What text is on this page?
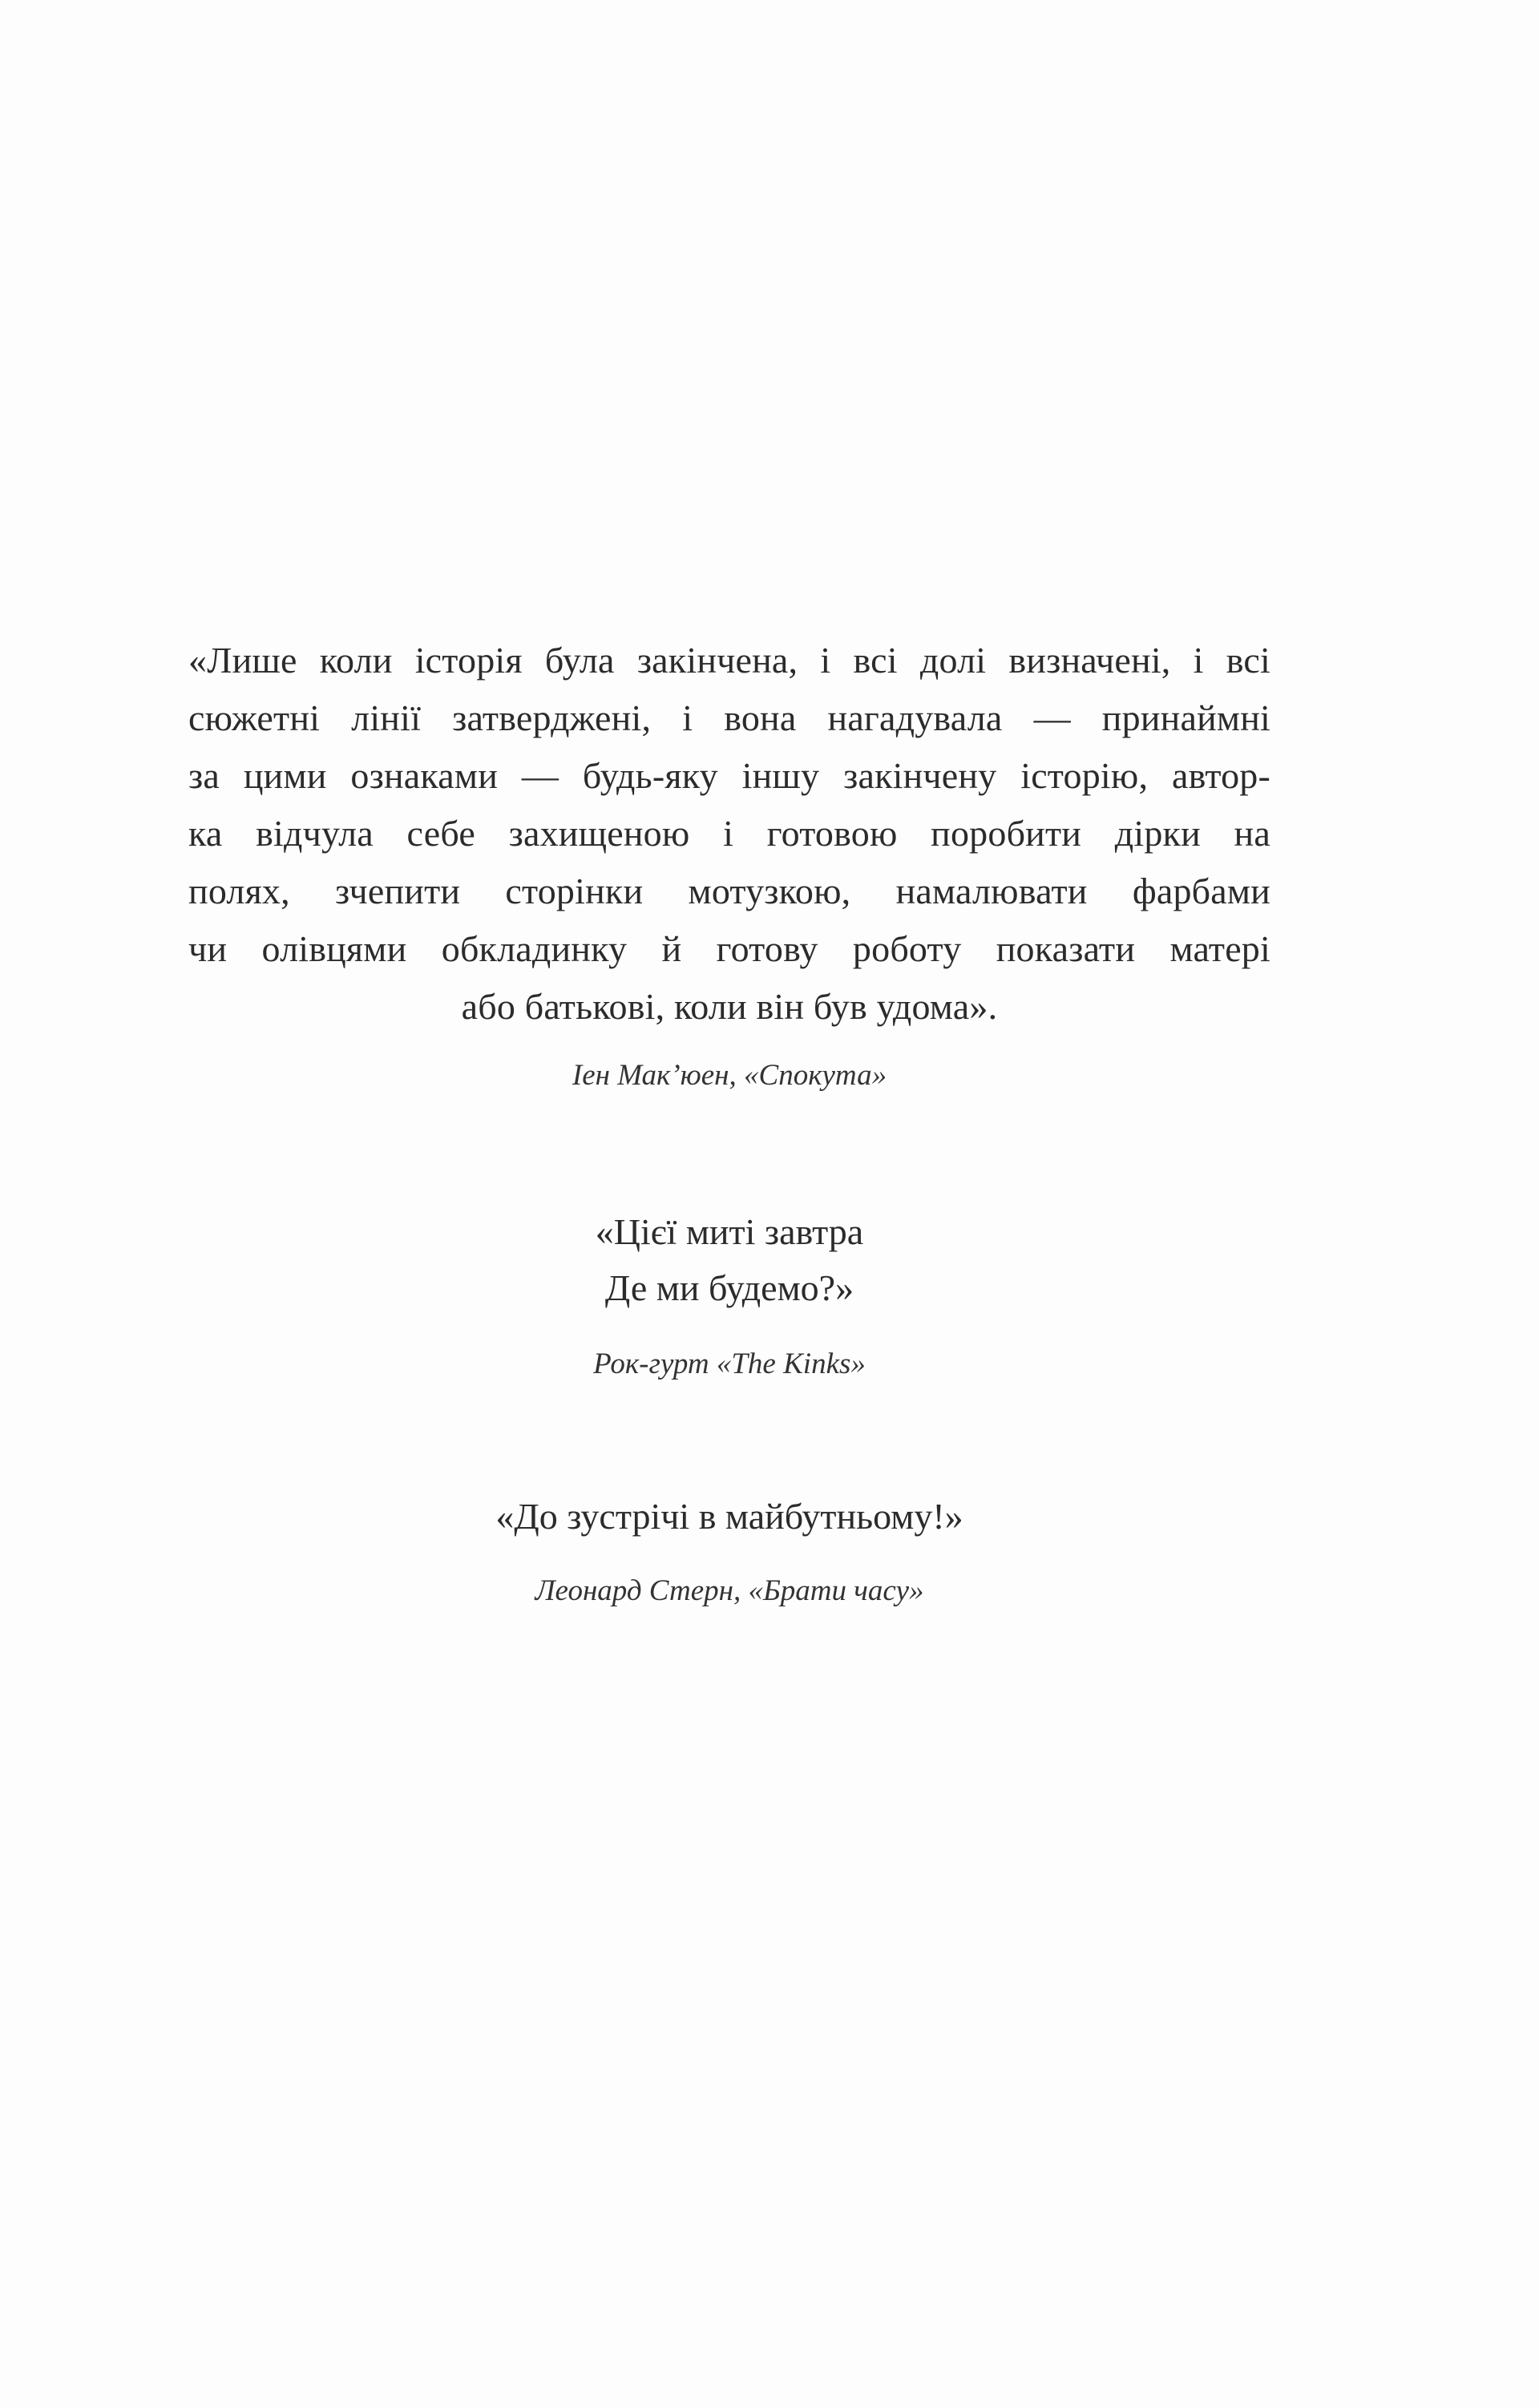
«Лише коли історія була закінчена, і всі долі визначені, і всі
сюжетні лінії затверджені, і вона нагадувала — принаймні
за цими ознаками — будь-яку іншу закінчену історію, автор-
ка відчула себе захищеною і готовою поробити дірки на
полях, зчепити сторінки мотузкою, намалювати фарбами
чи олівцями обкладинку й готову роботу показати матері
або батькові, коли він був удома».
Іен Мак’юен, «Спокута»
«Цієї миті завтра
Де ми будемо?»
Рок-гурт «The Kinks»
«До зустрічі в майбутньому!»
Леонард Стерн, «Брати часу»
